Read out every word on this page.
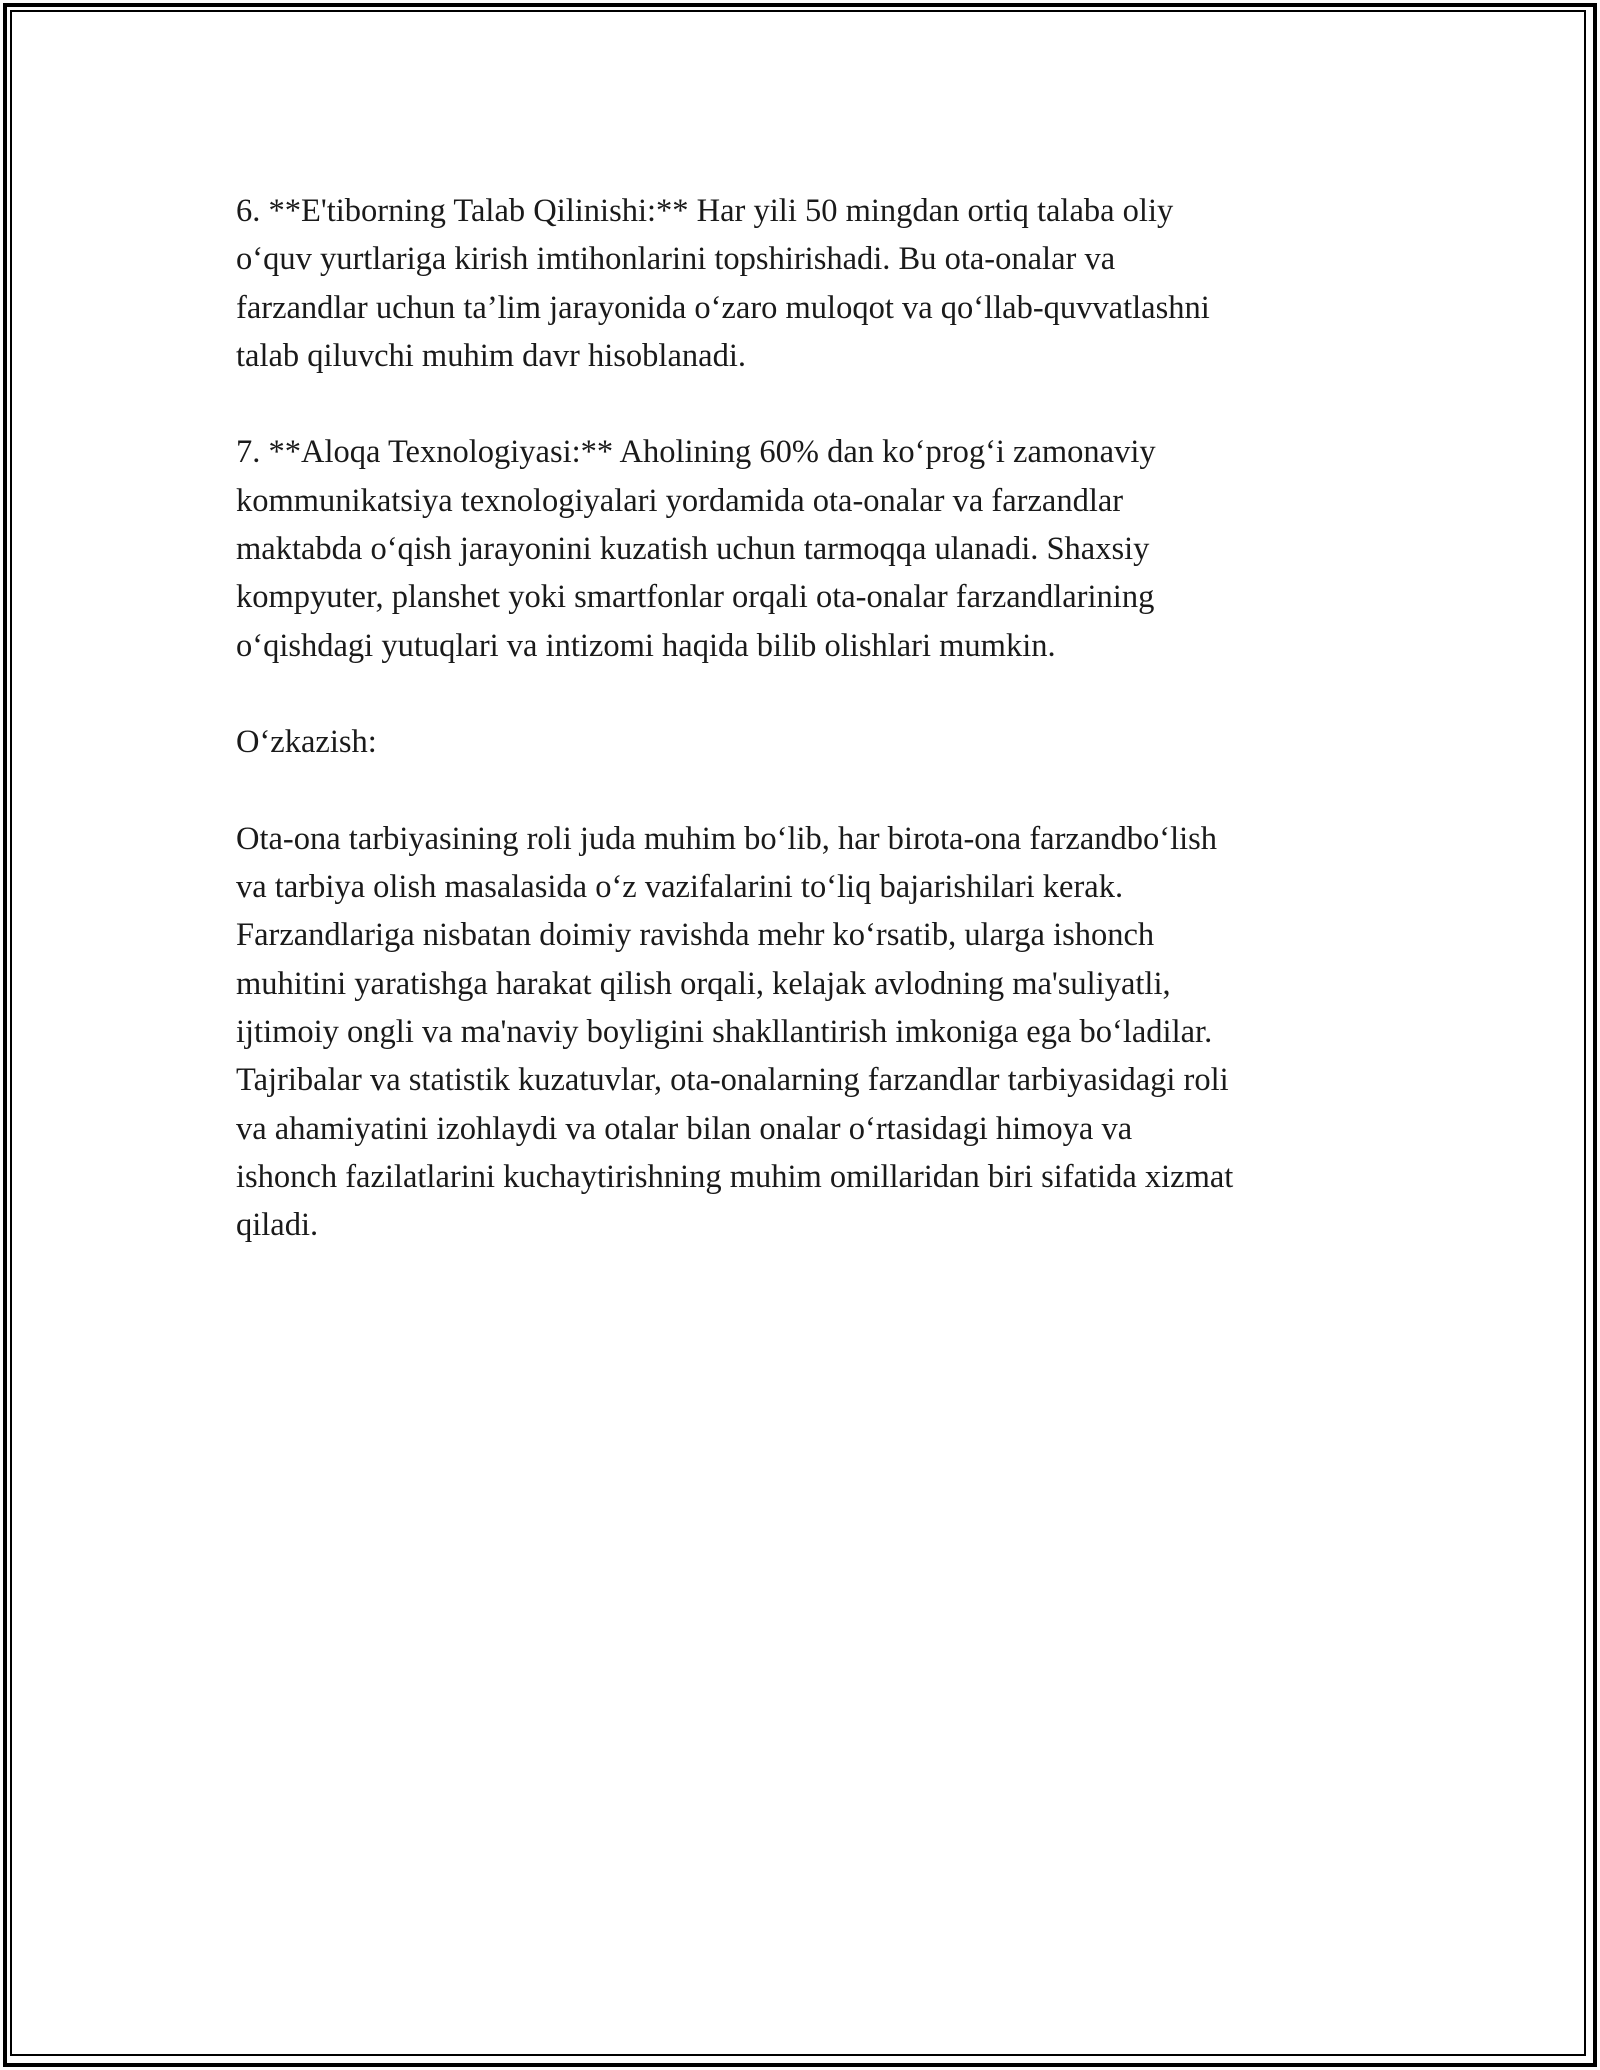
6. **E'tiborning Talab Qilinishi:** Har yili 50 mingdan ortiq talaba oliy
o‘quv yurtlariga kirish imtihonlarini topshirishadi. Bu ota-onalar va
farzandlar uchun ta’lim jarayonida o‘zaro muloqot va qo‘llab-quvvatlashni
talab qiluvchi muhim davr hisoblanadi.

7. **Aloqa Texnologiyasi:** Aholining 60% dan ko‘prog‘i zamonaviy
kommunikatsiya texnologiyalari yordamida ota-onalar va farzandlar
maktabda o‘qish jarayonini kuzatish uchun tarmoqqa ulanadi. Shaxsiy
kompyuter, planshet yoki smartfonlar orqali ota-onalar farzandlarining
o‘qishdagi yutuqlari va intizomi haqida bilib olishlari mumkin.

O‘zkazish:

Ota-ona tarbiyasining roli juda muhim bo‘lib, har birota-ona farzandbo‘lish
va tarbiya olish masalasida o‘z vazifalarini to‘liq bajarishilari kerak.
Farzandlariga nisbatan doimiy ravishda mehr ko‘rsatib, ularga ishonch
muhitini yaratishga harakat qilish orqali, kelajak avlodning ma'suliyatli,
ijtimoiy ongli va ma'naviy boyligini shakllantirish imkoniga ega bo‘ladilar.
Tajribalar va statistik kuzatuvlar, ota-onalarning farzandlar tarbiyasidagi roli
va ahamiyatini izohlaydi va otalar bilan onalar o‘rtasidagi himoya va
ishonch fazilatlarini kuchaytirishning muhim omillaridan biri sifatida xizmat
qiladi.
